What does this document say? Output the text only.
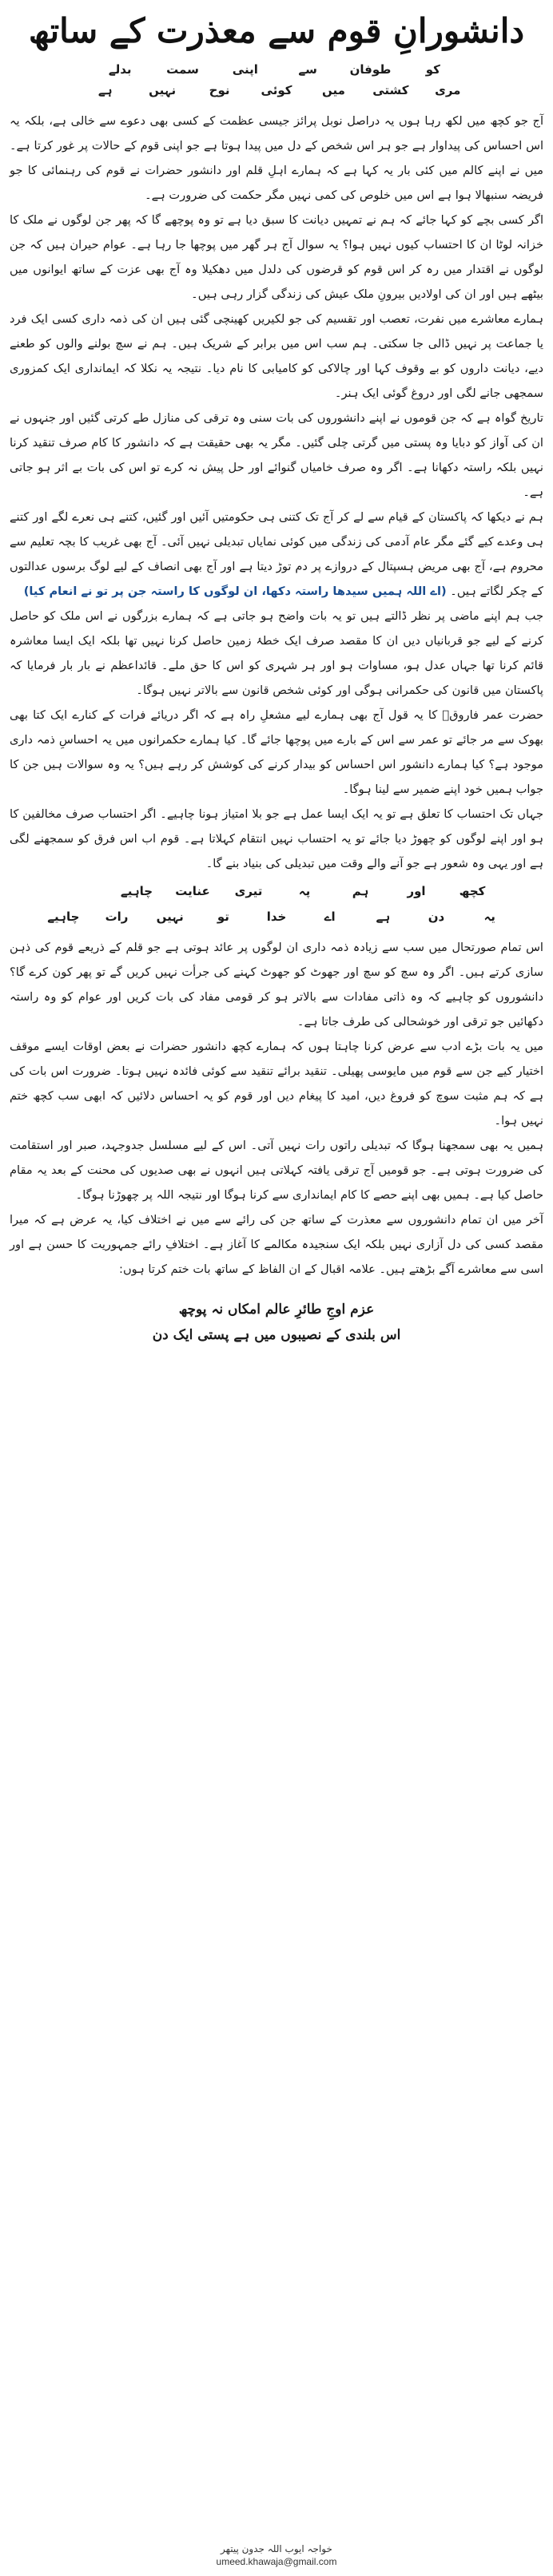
دانشورانِ قوم سے معذرت کے ساتھ
کو
طوفان
سے
اپنی
سمت
بدلے
مری
کشتی
میں
کوئی
نوح
نہیں
ہے

آج جو کچھ میں لکھ رہا ہوں یہ دراصل نوبل پرائز جیسی عظمت کے کسی بھی دعوے سے خالی ہے، بلکہ یہ اس احساس کی پیداوار ہے جو ہر اس شخص کے دل میں پیدا ہوتا ہے جو اپنی قوم کے حالات پر غور کرتا ہے۔ میں نے اپنے کالم میں کئی بار یہ کہا ہے کہ ہمارے اہلِ قلم اور دانشور حضرات نے قوم کی رہنمائی کا جو فریضہ سنبھالا ہوا ہے اس میں خلوص کی کمی نہیں مگر حکمت کی ضرورت ہے۔

اگر کسی بچے کو کہا جائے کہ ہم نے تمہیں دیانت کا سبق دیا ہے تو وہ پوچھے گا کہ پھر جن لوگوں نے ملک کا خزانہ لوٹا ان کا احتساب کیوں نہیں ہوا؟ یہ سوال آج ہر گھر میں پوچھا جا رہا ہے۔ عوام حیران ہیں کہ جن لوگوں نے اقتدار میں رہ کر اس قوم کو قرضوں کی دلدل میں دھکیلا وہ آج بھی عزت کے ساتھ ایوانوں میں بیٹھے ہیں اور ان کی اولادیں بیرونِ ملک عیش کی زندگی گزار رہی ہیں۔

ہمارے معاشرے میں نفرت، تعصب اور تقسیم کی جو لکیریں کھینچی گئی ہیں ان کی ذمہ داری کسی ایک فرد یا جماعت پر نہیں ڈالی جا سکتی۔ ہم سب اس میں برابر کے شریک ہیں۔ ہم نے سچ بولنے والوں کو طعنے دیے، دیانت داروں کو بے وقوف کہا اور چالاکی کو کامیابی کا نام دیا۔ نتیجہ یہ نکلا کہ ایمانداری ایک کمزوری سمجھی جانے لگی اور دروغ گوئی ایک ہنر۔

تاریخ گواہ ہے کہ جن قوموں نے اپنے دانشوروں کی بات سنی وہ ترقی کی منازل طے کرتی گئیں اور جنہوں نے ان کی آواز کو دبایا وہ پستی میں گرتی چلی گئیں۔ مگر یہ بھی حقیقت ہے کہ دانشور کا کام صرف تنقید کرنا نہیں بلکہ راستہ دکھانا ہے۔ اگر وہ صرف خامیاں گنوائے اور حل پیش نہ کرے تو اس کی بات بے اثر ہو جاتی ہے۔

ہم نے دیکھا کہ پاکستان کے قیام سے لے کر آج تک کتنی ہی حکومتیں آئیں اور گئیں، کتنے ہی نعرے لگے اور کتنے ہی وعدے کیے گئے مگر عام آدمی کی زندگی میں کوئی نمایاں تبدیلی نہیں آئی۔ آج بھی غریب کا بچہ تعلیم سے محروم ہے، آج بھی مریض ہسپتال کے دروازے پر دم توڑ دیتا ہے اور آج بھی انصاف کے لیے لوگ برسوں عدالتوں کے چکر لگاتے ہیں۔ (اے اللہ ہمیں سیدھا راستہ دکھا، ان لوگوں کا راستہ جن پر تو نے انعام کیا)

جب ہم اپنے ماضی پر نظر ڈالتے ہیں تو یہ بات واضح ہو جاتی ہے کہ ہمارے بزرگوں نے اس ملک کو حاصل کرنے کے لیے جو قربانیاں دیں ان کا مقصد صرف ایک خطۂ زمین حاصل کرنا نہیں تھا بلکہ ایک ایسا معاشرہ قائم کرنا تھا جہاں عدل ہو، مساوات ہو اور ہر شہری کو اس کا حق ملے۔ قائداعظم نے بار بار فرمایا کہ پاکستان میں قانون کی حکمرانی ہوگی اور کوئی شخص قانون سے بالاتر نہیں ہوگا۔

حضرت عمر فاروقؓ کا یہ قول آج بھی ہمارے لیے مشعلِ راہ ہے کہ اگر دریائے فرات کے کنارے ایک کتا بھی بھوک سے مر جائے تو عمر سے اس کے بارے میں پوچھا جائے گا۔ کیا ہمارے حکمرانوں میں یہ احساسِ ذمہ داری موجود ہے؟ کیا ہمارے دانشور اس احساس کو بیدار کرنے کی کوشش کر رہے ہیں؟ یہ وہ سوالات ہیں جن کا جواب ہمیں خود اپنے ضمیر سے لینا ہوگا۔

جہاں تک احتساب کا تعلق ہے تو یہ ایک ایسا عمل ہے جو بلا امتیاز ہونا چاہیے۔ اگر احتساب صرف مخالفین کا ہو اور اپنے لوگوں کو چھوڑ دیا جائے تو یہ احتساب نہیں انتقام کہلاتا ہے۔ قوم اب اس فرق کو سمجھنے لگی ہے اور یہی وہ شعور ہے جو آنے والے وقت میں تبدیلی کی بنیاد بنے گا۔

کچھ
اور
ہم
پہ
تیری
عنایت
چاہیے
یہ
دن
ہے
اے
خدا
تو
نہیں
رات
چاہیے

اس تمام صورتحال میں سب سے زیادہ ذمہ داری ان لوگوں پر عائد ہوتی ہے جو قلم کے ذریعے قوم کی ذہن سازی کرتے ہیں۔ اگر وہ سچ کو سچ اور جھوٹ کو جھوٹ کہنے کی جرأت نہیں کریں گے تو پھر کون کرے گا؟ دانشوروں کو چاہیے کہ وہ ذاتی مفادات سے بالاتر ہو کر قومی مفاد کی بات کریں اور عوام کو وہ راستہ دکھائیں جو ترقی اور خوشحالی کی طرف جاتا ہے۔

میں یہ بات بڑے ادب سے عرض کرنا چاہتا ہوں کہ ہمارے کچھ دانشور حضرات نے بعض اوقات ایسے موقف اختیار کیے جن سے قوم میں مایوسی پھیلی۔ تنقید برائے تنقید سے کوئی فائدہ نہیں ہوتا۔ ضرورت اس بات کی ہے کہ ہم مثبت سوچ کو فروغ دیں، امید کا پیغام دیں اور قوم کو یہ احساس دلائیں کہ ابھی سب کچھ ختم نہیں ہوا۔

ہمیں یہ بھی سمجھنا ہوگا کہ تبدیلی راتوں رات نہیں آتی۔ اس کے لیے مسلسل جدوجہد، صبر اور استقامت کی ضرورت ہوتی ہے۔ جو قومیں آج ترقی یافتہ کہلاتی ہیں انہوں نے بھی صدیوں کی محنت کے بعد یہ مقام حاصل کیا ہے۔ ہمیں بھی اپنے حصے کا کام ایمانداری سے کرنا ہوگا اور نتیجہ اللہ پر چھوڑنا ہوگا۔

آخر میں ان تمام دانشوروں سے معذرت کے ساتھ جن کی رائے سے میں نے اختلاف کیا، یہ عرض ہے کہ میرا مقصد کسی کی دل آزاری نہیں بلکہ ایک سنجیدہ مکالمے کا آغاز ہے۔ اختلافِ رائے جمہوریت کا حسن ہے اور اسی سے معاشرے آگے بڑھتے ہیں۔ علامہ اقبال کے ان الفاظ کے ساتھ بات ختم کرتا ہوں:

عزم اوجِ طائرِ عالم امکاں نہ پوچھ
اس بلندی کے نصیبوں میں ہے پستی ایک دن
خواجہ ایوب اللہ جدون پیتھر
umeed.khawaja@gmail.com
